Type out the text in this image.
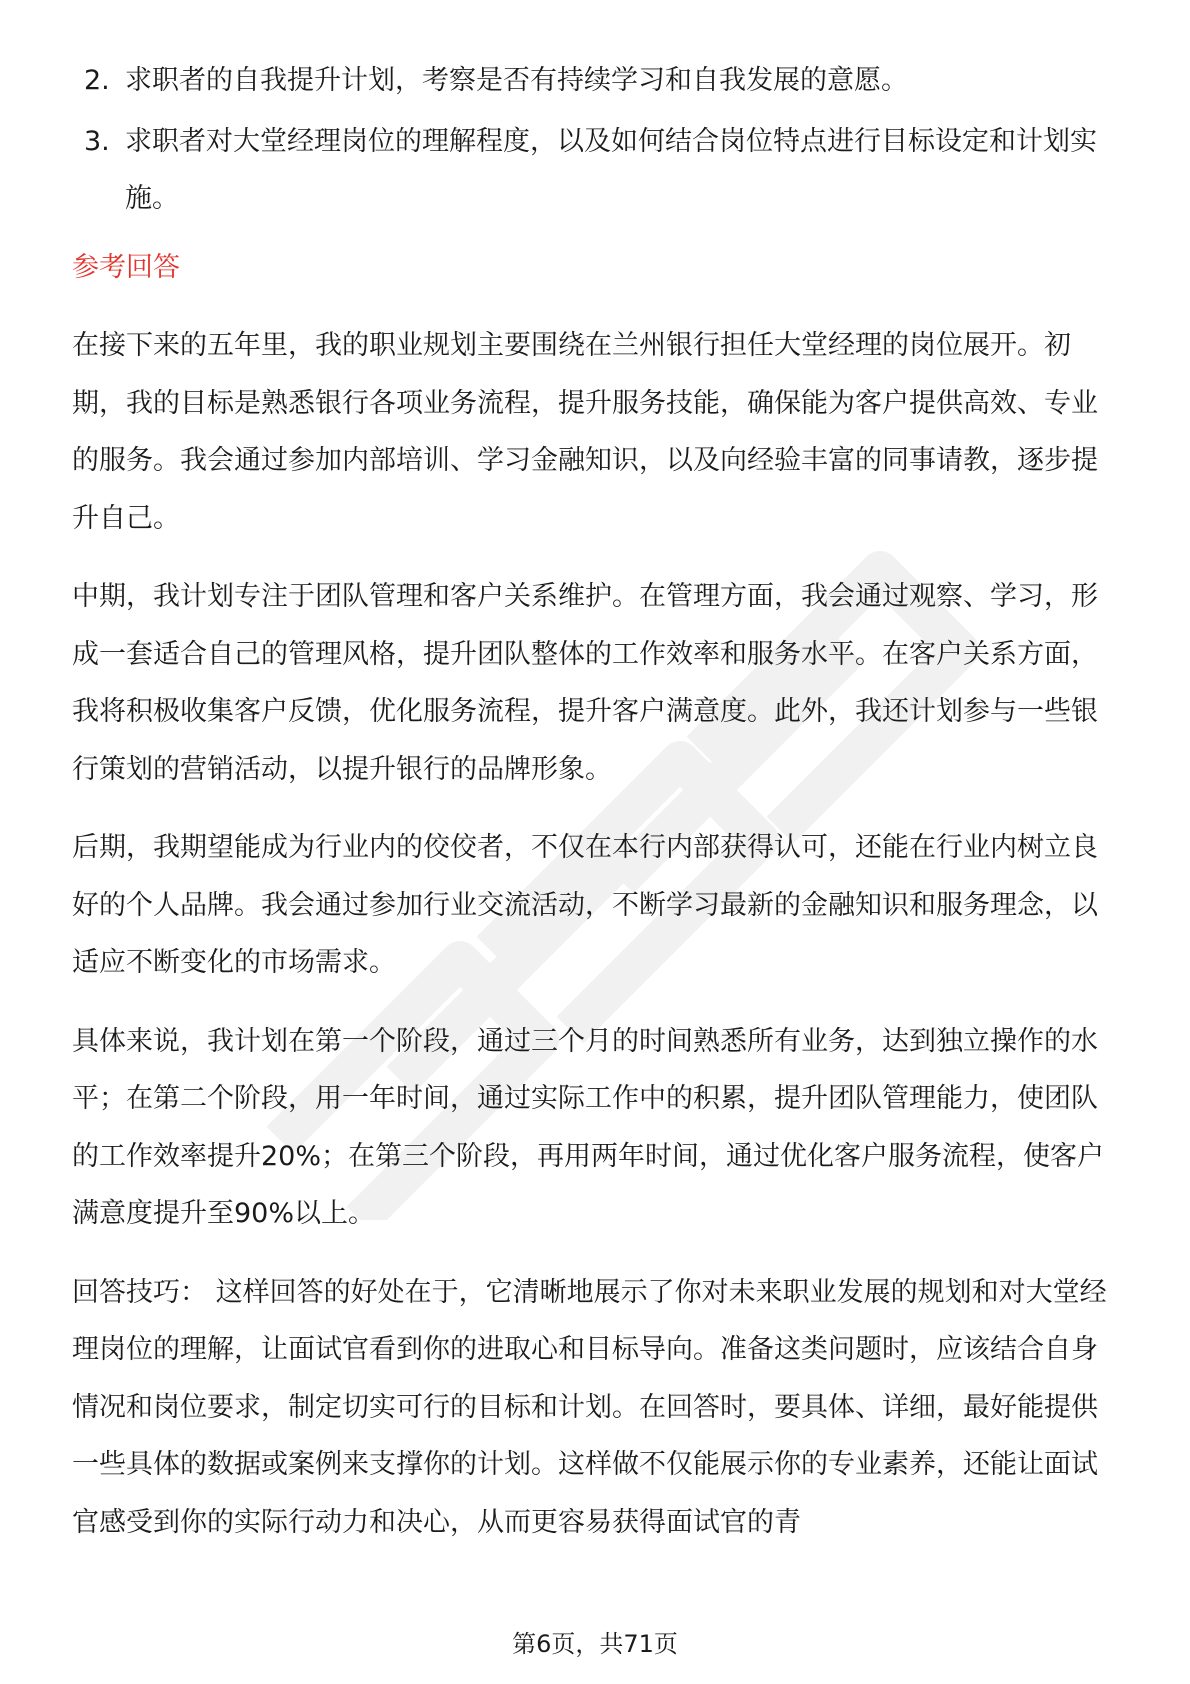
2. 求职者的自我提升计划，考察是否有持续学习和自我发展的意愿。
3. 求职者对大堂经理岗位的理解程度，以及如何结合岗位特点进行目标设定和计划实施。
参考回答

在接下来的五年里，我的职业规划主要围绕在兰州银行担任大堂经理的岗位展开。初期，我的目标是熟悉银行各项业务流程，提升服务技能，确保能为客户提供高效、专业的服务。我会通过参加内部培训、学习金融知识，以及向经验丰富的同事请教，逐步提升自己。

中期，我计划专注于团队管理和客户关系维护。在管理方面，我会通过观察、学习，形成一套适合自己的管理风格，提升团队整体的工作效率和服务水平。在客户关系方面，我将积极收集客户反馈，优化服务流程，提升客户满意度。此外，我还计划参与一些银行策划的营销活动，以提升银行的品牌形象。

后期，我期望能成为行业内的佼佼者，不仅在本行内部获得认可，还能在行业内树立良好的个人品牌。我会通过参加行业交流活动，不断学习最新的金融知识和服务理念，以适应不断变化的市场需求。

具体来说，我计划在第一个阶段，通过三个月的时间熟悉所有业务，达到独立操作的水平；在第二个阶段，用一年时间，通过实际工作中的积累，提升团队管理能力，使团队的工作效率提升20%；在第三个阶段，再用两年时间，通过优化客户服务流程，使客户满意度提升至90%以上。

回答技巧： 这样回答的好处在于，它清晰地展示了你对未来职业发展的规划和对大堂经理岗位的理解，让面试官看到你的进取心和目标导向。准备这类问题时，应该结合自身情况和岗位要求，制定切实可行的目标和计划。在回答时，要具体、详细，最好能提供一些具体的数据或案例来支撑你的计划。这样做不仅能展示你的专业素养，还能让面试官感受到你的实际行动力和决心，从而更容易获得面试官的青

第6页，共71页
